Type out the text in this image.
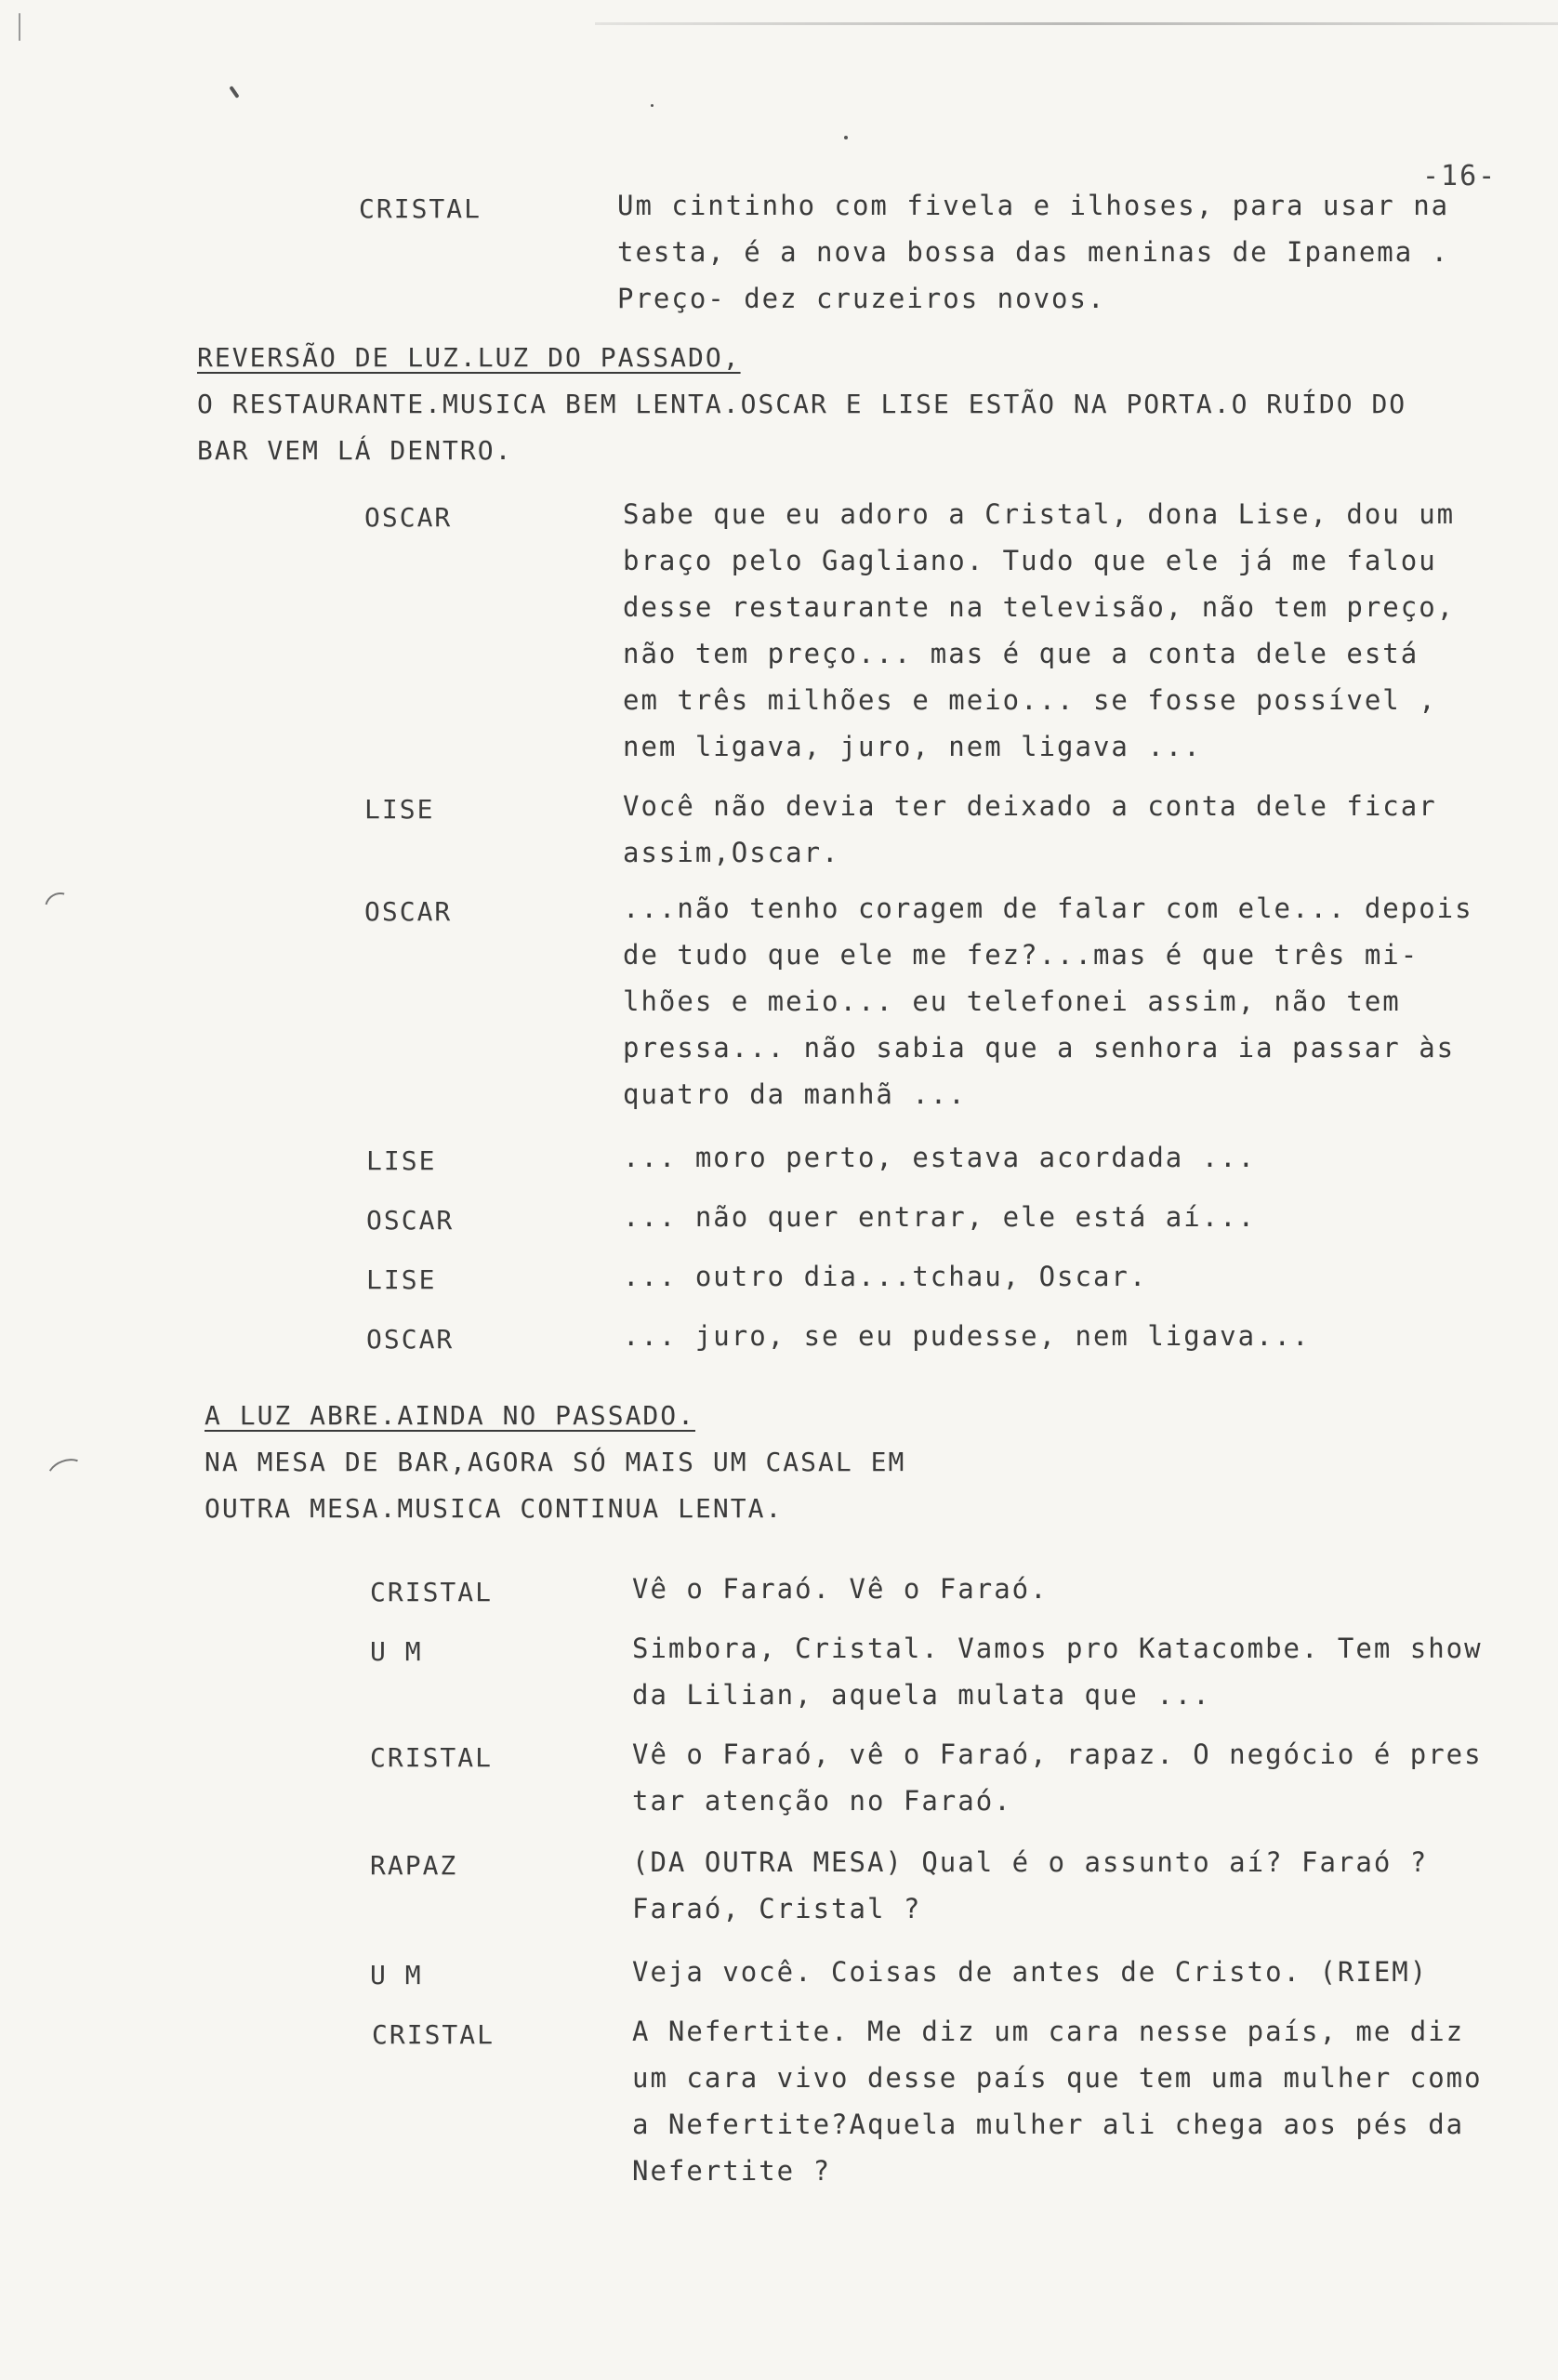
-16-
CRISTAL	Um cintinho com fivela e ilhoses, para usar na
testa, é a nova bossa das meninas de Ipanema .
Preço- dez cruzeiros novos.
REVERSÃO DE LUZ.LUZ DO PASSADO,
O RESTAURANTE.MUSICA BEM LENTA.OSCAR E LISE ESTÃO NA PORTA.O RUÍDO DO
BAR VEM LÁ DENTRO.
OSCAR	Sabe que eu adoro a Cristal, dona Lise, dou um
braço pelo Gagliano. Tudo que ele já me falou
desse restaurante na televisão, não tem preço,
não tem preço... mas é que a conta dele está
em três milhões e meio... se fosse possível ,
nem ligava, juro, nem ligava ...
LISE	Você não devia ter deixado a conta dele ficar
assim,Oscar.
OSCAR	...não tenho coragem de falar com ele... depois
de tudo que ele me fez?...mas é que três mi-
lhões e meio... eu telefonei assim, não tem
pressa... não sabia que a senhora ia passar às
quatro da manhã ...
LISE	... moro perto, estava acordada ...
OSCAR	... não quer entrar, ele está aí...
LISE	... outro dia...tchau, Oscar.
OSCAR	... juro, se eu pudesse, nem ligava...
A LUZ ABRE.AINDA NO PASSADO.
NA MESA DE BAR,AGORA SÓ MAIS UM CASAL EM
OUTRA MESA.MUSICA CONTINUA LENTA.
CRISTAL	Vê o Faraó. Vê o Faraó.
U M	Simbora, Cristal. Vamos pro Katacombe. Tem show
da Lilian, aquela mulata que ...
CRISTAL	Vê o Faraó, vê o Faraó, rapaz. O negócio é pres
tar atenção no Faraó.
RAPAZ	(DA OUTRA MESA) Qual é o assunto aí? Faraó ?
Faraó, Cristal ?
U M	Veja você. Coisas de antes de Cristo. (RIEM)
CRISTAL	A Nefertite. Me diz um cara nesse país, me diz
um cara vivo desse país que tem uma mulher como
a Nefertite?Aquela mulher ali chega aos pés da
Nefertite ?
